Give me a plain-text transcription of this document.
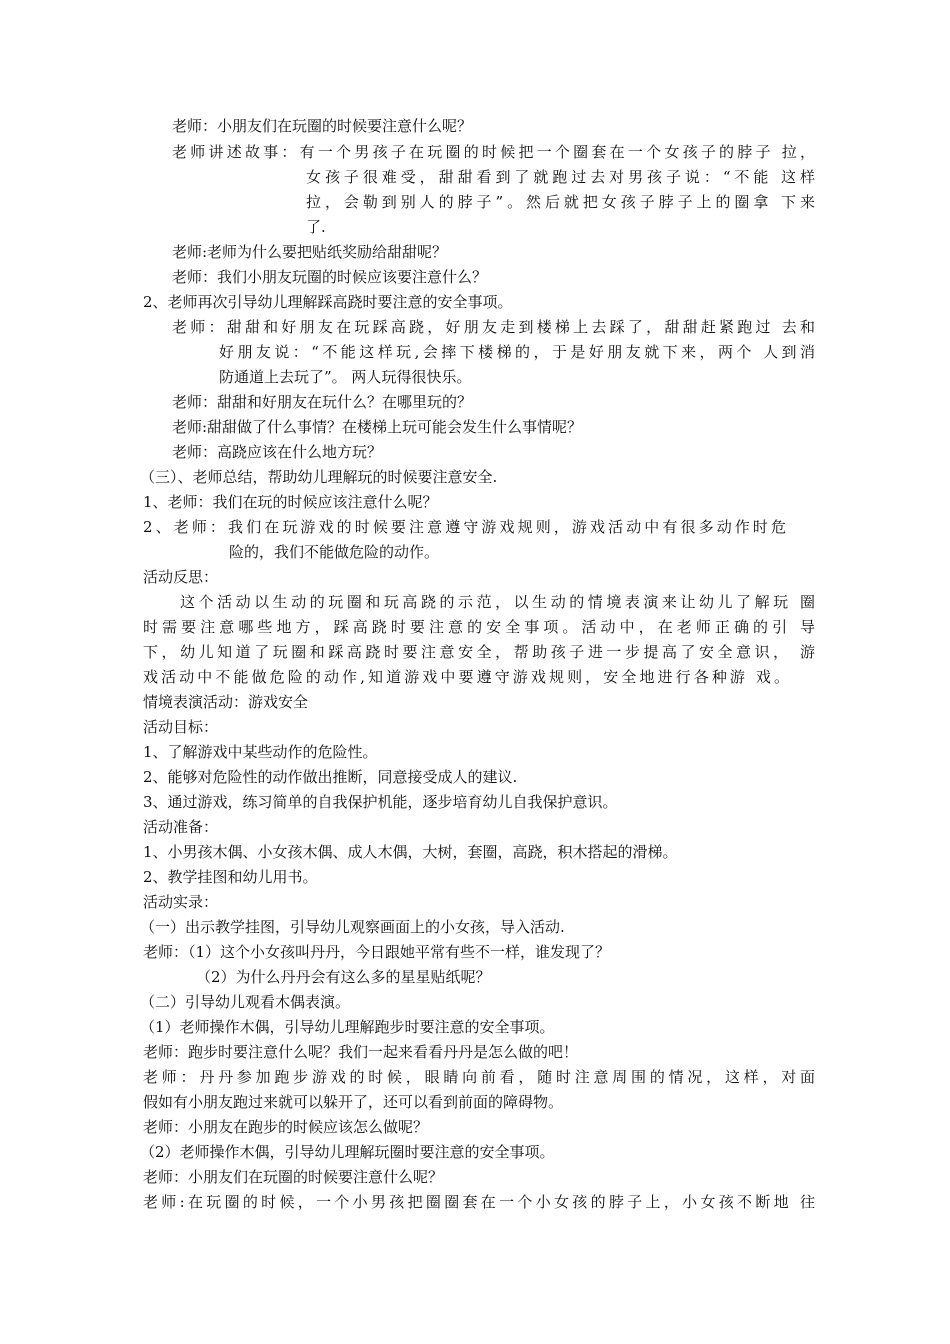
老师：小朋友们在玩圈的时候要注意什么呢？
老师讲述故事：有一个男孩子在玩圈的时候把一个圈套在一个女孩子的脖子 拉，
女孩子很难受，甜甜看到了就跑过去对男孩子说：“不能 这样
拉，会勒到别人的脖子”。然后就把女孩子脖子上的圈拿 下来
了.
老师:老师为什么要把贴纸奖励给甜甜呢？
老师：我们小朋友玩圈的时候应该要注意什么？
2、老师再次引导幼儿理解踩高跷时要注意的安全事项。
老师：甜甜和好朋友在玩踩高跷，好朋友走到楼梯上去踩了，甜甜赶紧跑过 去和
好朋友说：“不能这样玩,会摔下楼梯的，于是好朋友就下来，两个 人到消
防通道上去玩了”。 两人玩得很快乐。
老师：甜甜和好朋友在玩什么？在哪里玩的？
老师:甜甜做了什么事情？在楼梯上玩可能会发生什么事情呢？
老师：高跷应该在什么地方玩？
（三）、老师总结，帮助幼儿理解玩的时候要注意安全.
1、老师：我们在玩的时候应该注意什么呢？
2、老师：我们在玩游戏的时候要注意遵守游戏规则，游戏活动中有很多动作时危
险的，我们不能做危险的动作。
活动反思：
这个活动以生动的玩圈和玩高跷的示范，以生动的情境表演来让幼儿了解玩 圈
时需要注意哪些地方，踩高跷时要注意的安全事项。活动中，在老师正确的引 导
下，幼儿知道了玩圈和踩高跷时要注意安全，帮助孩子进一步提高了安全意识， 游
戏活动中不能做危险的动作,知道游戏中要遵守游戏规则，安全地进行各种游 戏。
情境表演活动：游戏安全
活动目标：
1、了解游戏中某些动作的危险性。
2、能够对危险性的动作做出推断，同意接受成人的建议.
3、通过游戏，练习简单的自我保护机能，逐步培育幼儿自我保护意识。
活动准备：
1、小男孩木偶、小女孩木偶、成人木偶，大树，套圈，高跷，积木搭起的滑梯。
2、教学挂图和幼儿用书。
活动实录：
（一）出示教学挂图，引导幼儿观察画面上的小女孩，导入活动.
老师：（1）这个小女孩叫丹丹，今日跟她平常有些不一样，谁发现了？
（2）为什么丹丹会有这么多的星星贴纸呢？
（二）引导幼儿观看木偶表演。
（1）老师操作木偶，引导幼儿理解跑步时要注意的安全事项。
老师：跑步时要注意什么呢？我们一起来看看丹丹是怎么做的吧！
老师：丹丹参加跑步游戏的时候，眼睛向前看，随时注意周围的情况，这样，对面
假如有小朋友跑过来就可以躲开了，还可以看到前面的障碍物。
老师：小朋友在跑步的时候应该怎么做呢？
（2）老师操作木偶，引导幼儿理解玩圈时要注意的安全事项。
老师：小朋友们在玩圈的时候要注意什么呢？
老师:在玩圈的时候，一个小男孩把圈圈套在一个小女孩的脖子上，小女孩不断地 往
